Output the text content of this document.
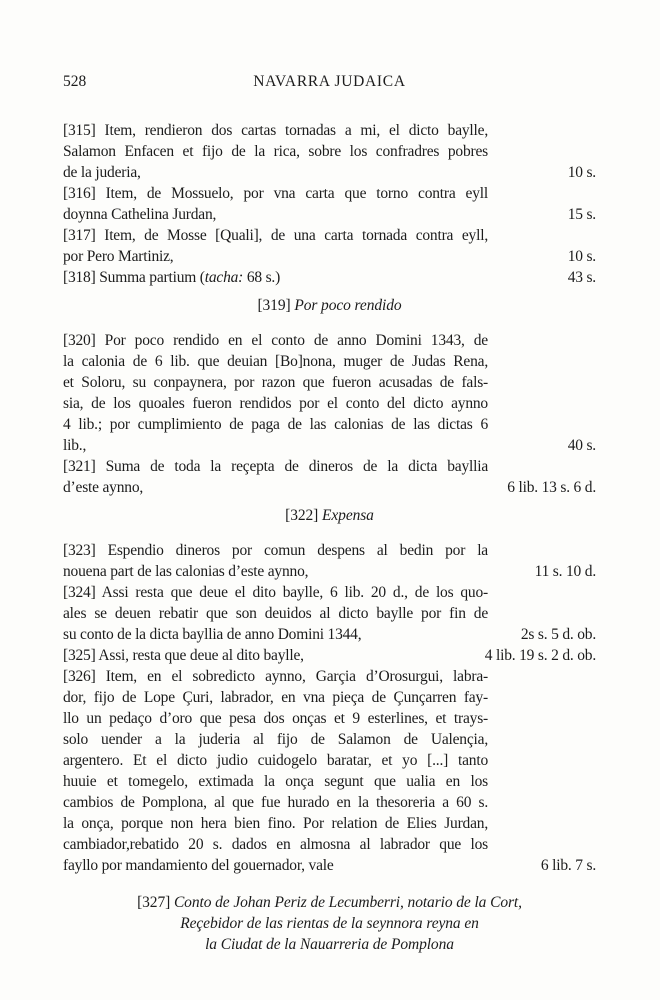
528	NAVARRA JUDAICA
[315] Item, rendieron dos cartas tornadas a mi, el dicto baylle,
Salamon Enfacen et fijo de la rica, sobre los confradres pobres
de la juderia,	10 s.
[316] Item, de Mossuelo, por vna carta que torno contra eyll
doynna Cathelina Jurdan,	15 s.
[317] Item, de Mosse [Quali], de una carta tornada contra eyll,
por Pero Martiniz,	10 s.
[318] Summa partium (tacha: 68 s.)	43 s.
[319] Por poco rendido
[320] Por poco rendido en el conto de anno Domini 1343, de
la calonia de 6 lib. que deuian [Bo]nona, muger de Judas Rena,
et Soloru, su conpaynera, por razon que fueron acusadas de fals-
sia, de los quoales fueron rendidos por el conto del dicto aynno
4 lib.; por cumplimiento de paga de las calonias de las dictas 6
lib.,	40 s.
[321] Suma de toda la reçepta de dineros de la dicta bayllia
d’este aynno,	6 lib. 13 s. 6 d.
[322] Expensa
[323] Espendio dineros por comun despens al bedin por la
nouena part de las calonias d’este aynno,	11 s. 10 d.
[324] Assi resta que deue el dito baylle, 6 lib. 20 d., de los quo-
ales se deuen rebatir que son deuidos al dicto baylle por fin de
su conto de la dicta bayllia de anno Domini 1344,	2s s. 5 d. ob.
[325] Assi, resta que deue al dito baylle,	4 lib. 19 s. 2 d. ob.
[326] Item, en el sobredicto aynno, Garçia d’Orosurgui, labra-
dor, fijo de Lope Çuri, labrador, en vna pieça de Çunçarren fay-
llo un pedaço d’oro que pesa dos onças et 9 esterlines, et trays-
solo uender a la juderia al fijo de Salamon de Ualençia,
argentero. Et el dicto judio cuidogelo baratar, et yo [...] tanto
huuie et tomegelo, extimada la onça segunt que ualia en los
cambios de Pomplona, al que fue hurado en la thesoreria a 60 s.
la onça, porque non hera bien fino. Por relation de Elies Jurdan,
cambiador,rebatido 20 s. dados en almosna al labrador que los
fayllo por mandamiento del gouernador, vale	6 lib. 7 s.
[327] Conto de Johan Periz de Lecumberri, notario de la Cort,
Reçebidor de las rientas de la seynnora reyna en
la Ciudat de la Nauarreria de Pomplona
